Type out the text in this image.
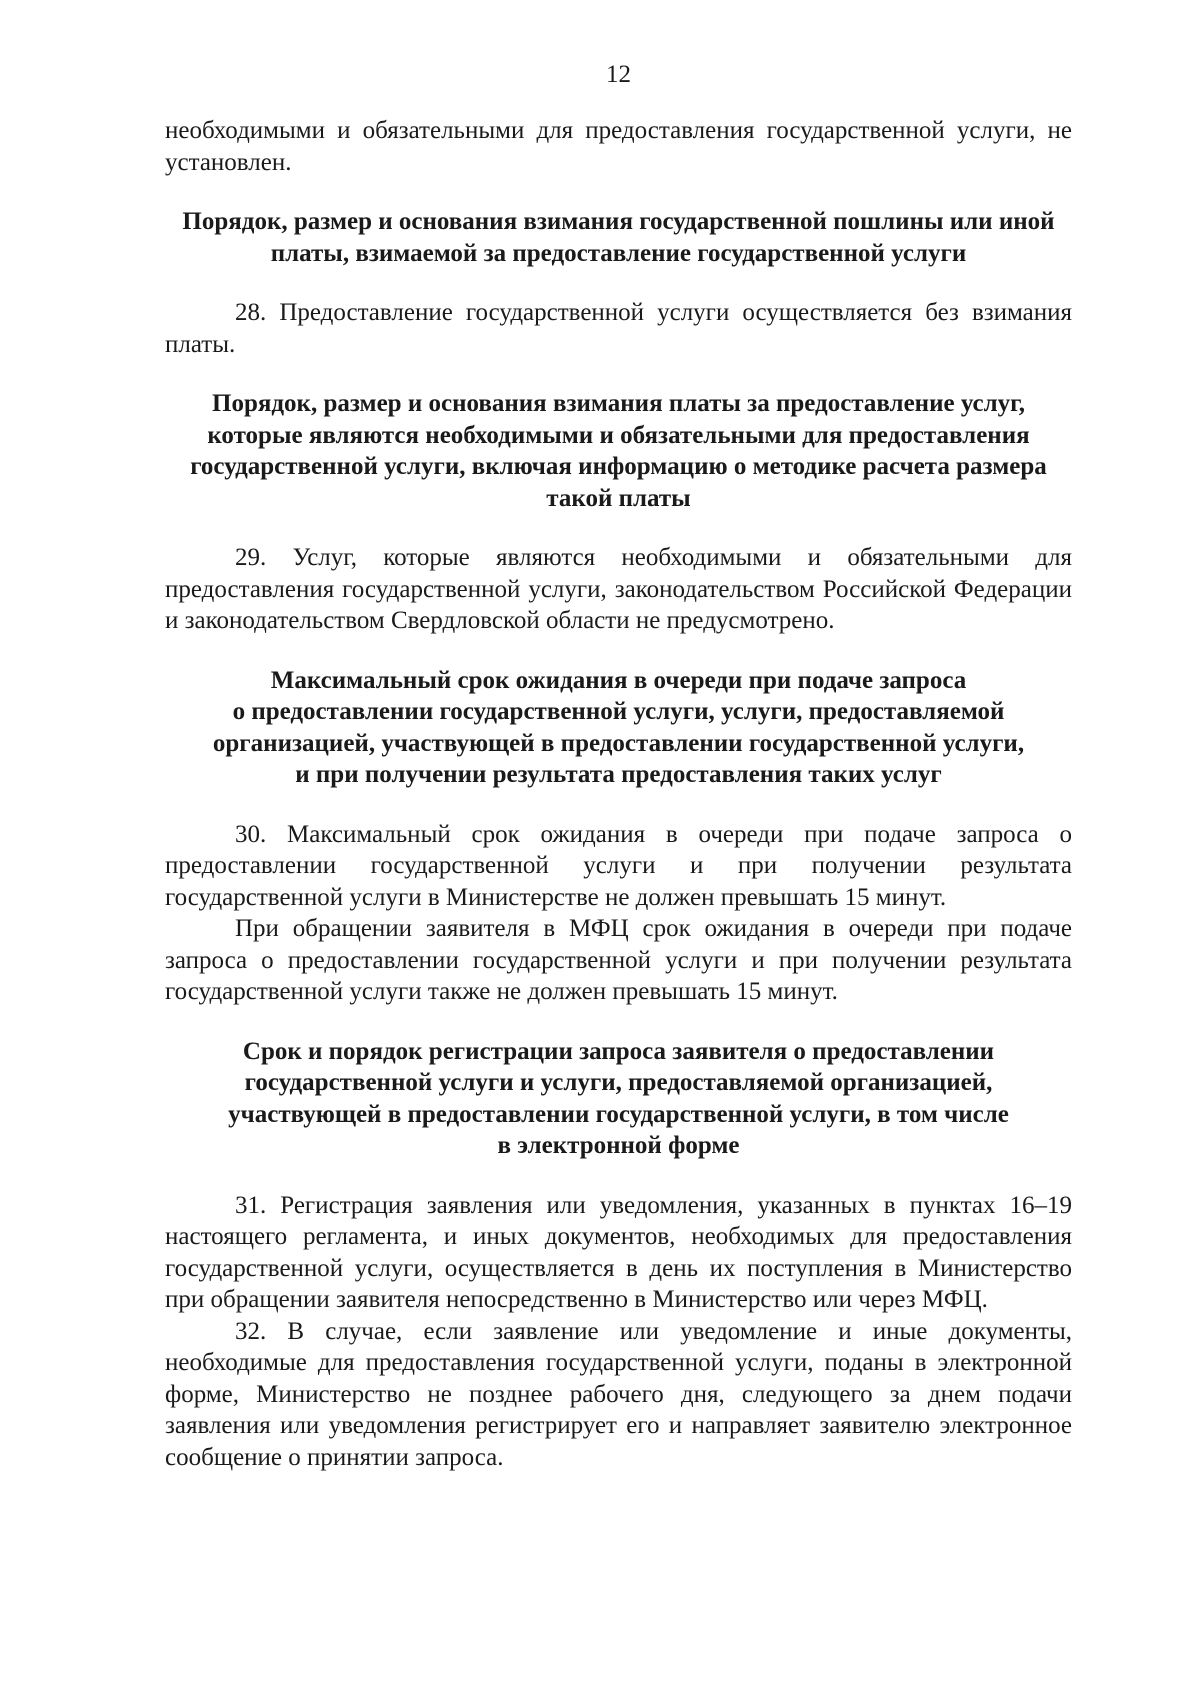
12

необходимыми и обязательными для предоставления государственной услуги, не установлен.

Порядок, размер и основания взимания государственной пошлины или иной
платы, взимаемой за предоставление государственной услуги

28. Предоставление государственной услуги осуществляется без взимания платы.

Порядок, размер и основания взимания платы за предоставление услуг,
которые являются необходимыми и обязательными для предоставления
государственной услуги, включая информацию о методике расчета размера
такой платы

29. Услуг, которые являются необходимыми и обязательными для предоставления государственной услуги, законодательством Российской Федерации и законодательством Свердловской области не предусмотрено.

Максимальный срок ожидания в очереди при подаче запроса
о предоставлении государственной услуги, услуги, предоставляемой
организацией, участвующей в предоставлении государственной услуги,
и при получении результата предоставления таких услуг

30. Максимальный срок ожидания в очереди при подаче запроса о предоставлении государственной услуги и при получении результата государственной услуги в Министерстве не должен превышать 15 минут.

При обращении заявителя в МФЦ срок ожидания в очереди при подаче запроса о предоставлении государственной услуги и при получении результата государственной услуги также не должен превышать 15 минут.

Срок и порядок регистрации запроса заявителя о предоставлении
государственной услуги и услуги, предоставляемой организацией,
участвующей в предоставлении государственной услуги, в том числе
в электронной форме

31. Регистрация заявления или уведомления, указанных в пунктах 16–19 настоящего регламента, и иных документов, необходимых для предоставления государственной услуги, осуществляется в день их поступления в Министерство при обращении заявителя непосредственно в Министерство или через МФЦ.

32. В случае, если заявление или уведомление и иные документы, необходимые для предоставления государственной услуги, поданы в электронной форме, Министерство не позднее рабочего дня, следующего за днем подачи заявления или уведомления регистрирует его и направляет заявителю электронное сообщение о принятии запроса.
